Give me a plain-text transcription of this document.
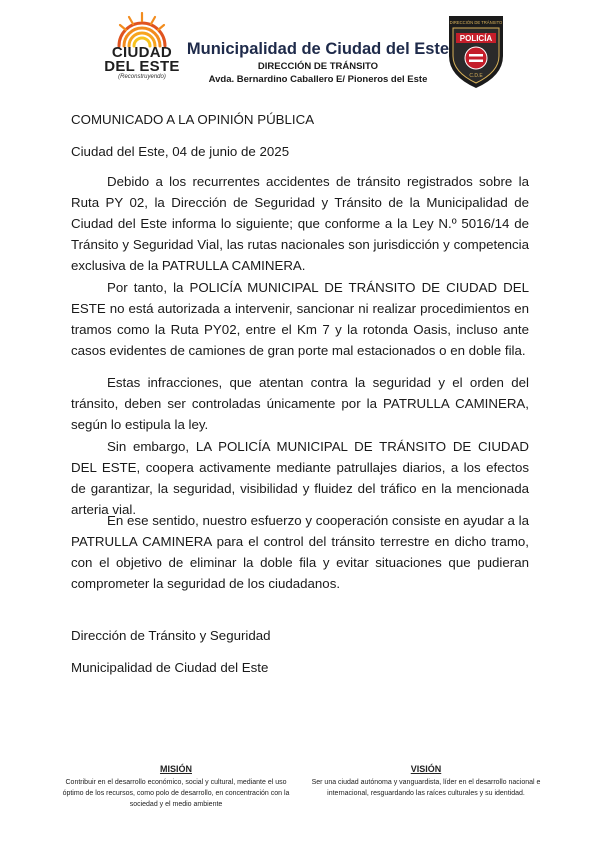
CIUDAD
DEL ESTE
(Reconstruyendo)
Municipalidad de Ciudad del Este
DIRECCIÓN DE TRÁNSITO
Avda. Bernardino Caballero E/ Pioneros del Este
DIRECCIÓN DE TRÁNSITO
POLICÍA
C.D.E
COMUNICADO A LA OPINIÓN PÚBLICA
Ciudad del Este, 04 de junio de 2025
Debido a los recurrentes accidentes de tránsito registrados sobre la Ruta PY 02, la Dirección de Seguridad y Tránsito de la Municipalidad de Ciudad del Este informa lo siguiente; que conforme a la Ley N.º 5016/14 de Tránsito y Seguridad Vial, las rutas nacionales son jurisdicción y competencia exclusiva de la PATRULLA CAMINERA.
Por tanto, la POLICÍA MUNICIPAL DE TRÁNSITO DE CIUDAD DEL ESTE no está autorizada a intervenir, sancionar ni realizar procedimientos en tramos como la Ruta PY02, entre el Km 7 y la rotonda Oasis, incluso ante casos evidentes de camiones de gran porte mal estacionados o en doble fila.
Estas infracciones, que atentan contra la seguridad y el orden del tránsito, deben ser controladas únicamente por la PATRULLA CAMINERA, según lo estipula la ley.
Sin embargo, LA POLICÍA MUNICIPAL DE TRÁNSITO DE CIUDAD DEL ESTE, coopera activamente mediante patrullajes diarios, a los efectos de garantizar, la seguridad, visibilidad y fluidez del tráfico en la mencionada arteria vial.
En ese sentido, nuestro esfuerzo y cooperación consiste en ayudar a la PATRULLA CAMINERA para el control del tránsito terrestre en dicho tramo, con el objetivo de eliminar la doble fila y evitar situaciones que pudieran comprometer la seguridad de los ciudadanos.
Dirección de Tránsito y Seguridad
Municipalidad de Ciudad del Este
MISIÓN
Contribuir en el desarrollo económico, social y cultural, mediante el uso óptimo de los recursos, como polo de desarrollo, en concentración con la sociedad y el medio ambiente
VISIÓN
Ser una ciudad autónoma y vanguardista, líder en el desarrollo nacional e internacional, resguardando las raíces culturales y su identidad.
